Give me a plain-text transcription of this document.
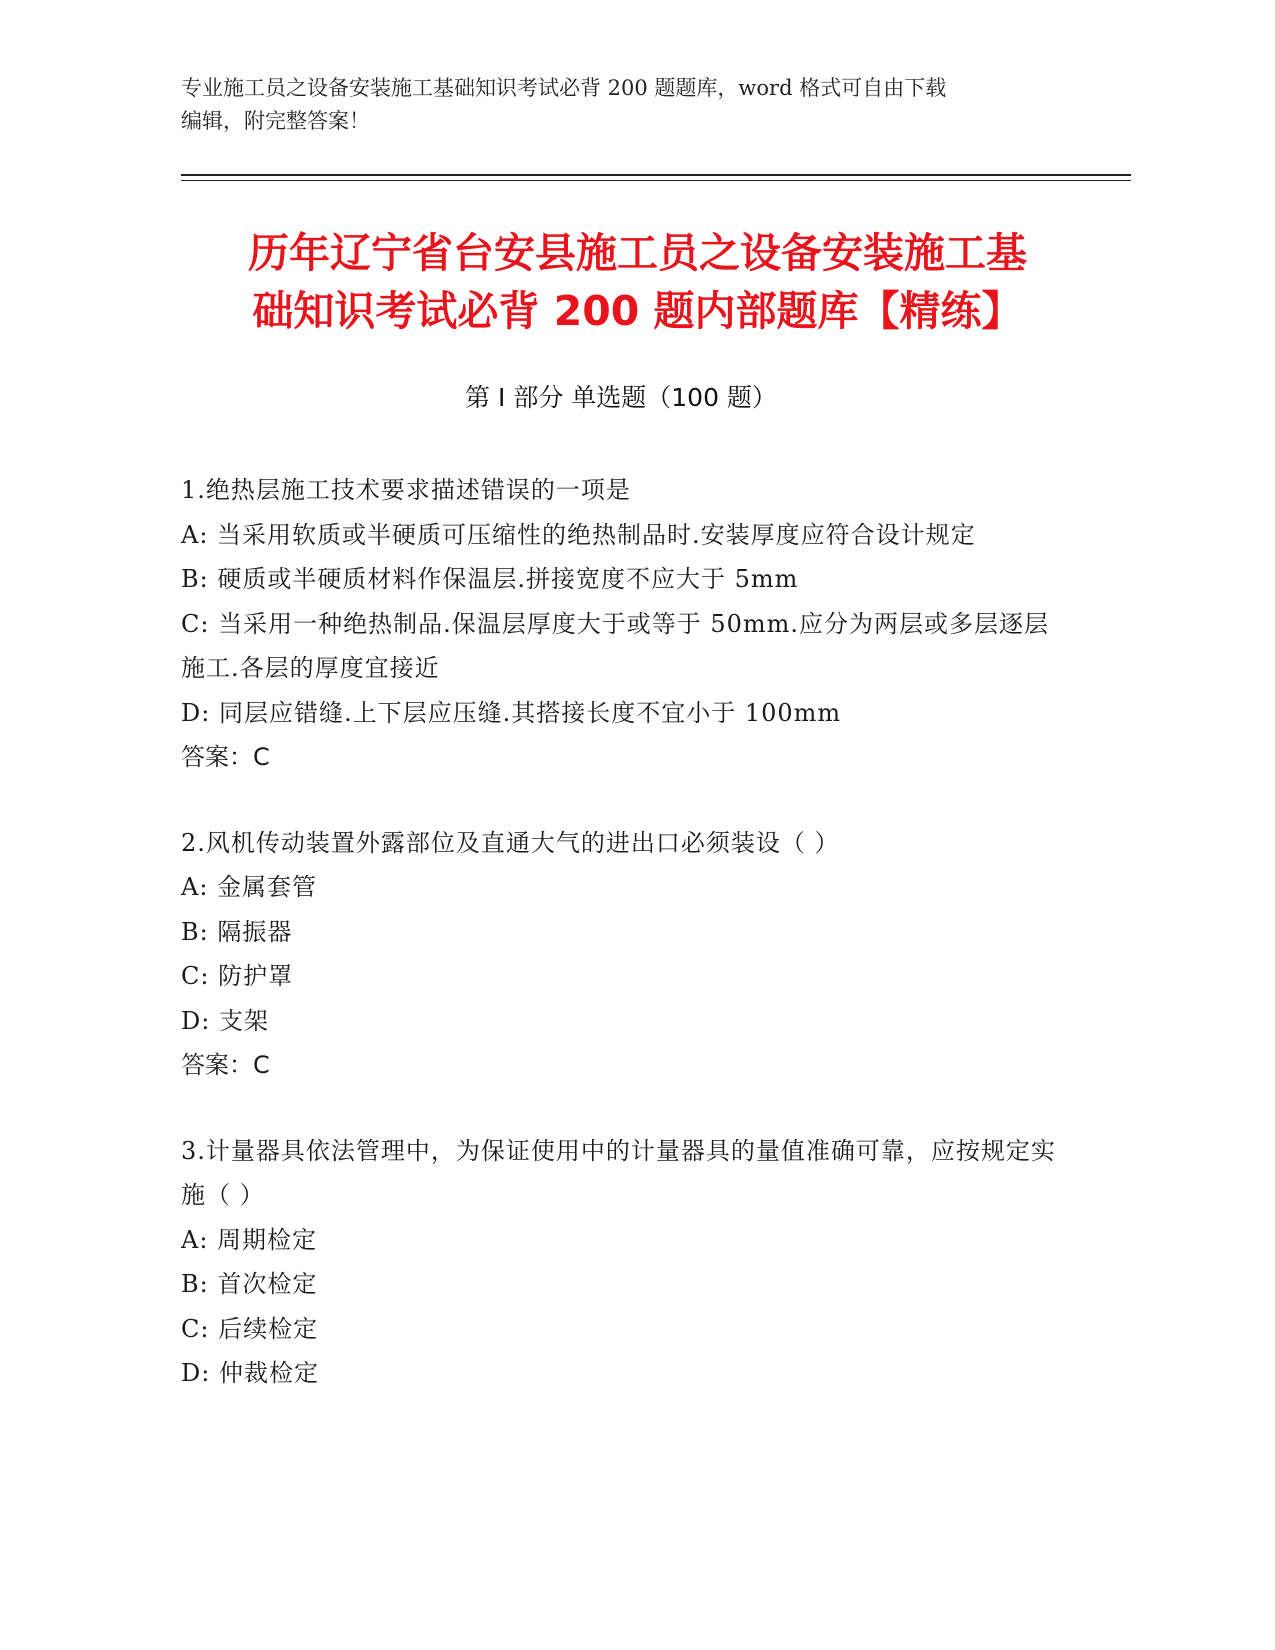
专业施工员之设备安装施工基础知识考试必背 200 题题库，word 格式可自由下载
编辑，附完整答案！
历年辽宁省台安县施工员之设备安装施工基
础知识考试必背 200 题内部题库【精练】
第 I 部分 单选题（100 题）

1.绝热层施工技术要求描述错误的一项是

A: 当采用软质或半硬质可压缩性的绝热制品时.安装厚度应符合设计规定

B: 硬质或半硬质材料作保温层.拼接宽度不应大于 5mm

C: 当采用一种绝热制品.保温层厚度大于或等于 50mm.应分为两层或多层逐层施工.各层的厚度宜接近

D: 同层应错缝.上下层应压缝.其搭接长度不宜小于 100mm

答案：C

2.风机传动装置外露部位及直通大气的进出口必须装设（ ）

A: 金属套管

B: 隔振器

C: 防护罩

D: 支架

答案：C

3.计量器具依法管理中，为保证使用中的计量器具的量值准确可靠，应按规定实施（ ）

A: 周期检定

B: 首次检定

C: 后续检定

D: 仲裁检定
